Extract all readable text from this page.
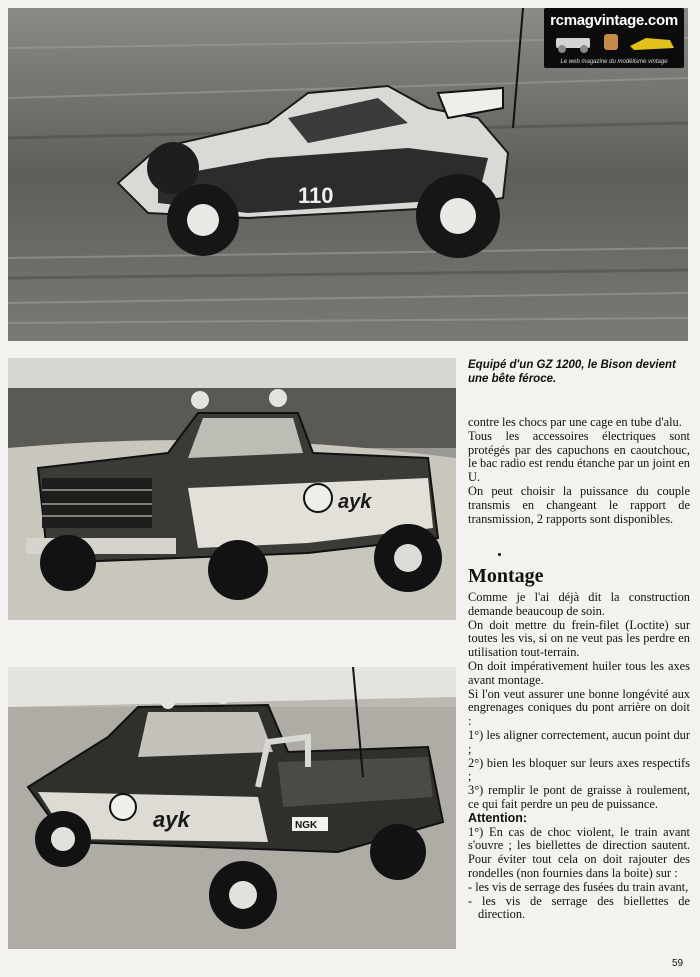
110
rcmagvintage.com
Le web magazine du modélisme vintage
ayk
ayk	NGK
Equipé d'un GZ 1200, le Bison devient une bête féroce.

contre les chocs par une cage en tube d'alu.

Tous les accessoires électriques sont protégés par des capuchons en caoutchouc, le bac radio est rendu étanche par un joint en U.

On peut choisir la puissance du couple transmis en changeant le rapport de transmission, 2 rapports sont disponibles.

Montage

Comme je l'ai déjà dit la construction demande beaucoup de soin.

On doit mettre du frein-filet (Loctite) sur toutes les vis, si on ne veut pas les perdre en utilisation tout-terrain.

On doit impérativement huiler tous les axes avant montage.

Si l'on veut assurer une bonne longévité aux engrenages coniques du pont arrière on doit :

1°) les aligner correctement, aucun point dur ;

2°) bien les bloquer sur leurs axes respectifs ;

3°) remplir le pont de graisse à roulement, ce qui fait perdre un peu de puissance.

Attention:

1°) En cas de choc violent, le train avant s'ouvre ; les biellettes de direction sautent. Pour éviter tout cela on doit rajouter des rondelles (non fournies dans la boite) sur :

- les vis de serrage des fusées du train avant,

- les vis de serrage des biellettes de direction.

59
